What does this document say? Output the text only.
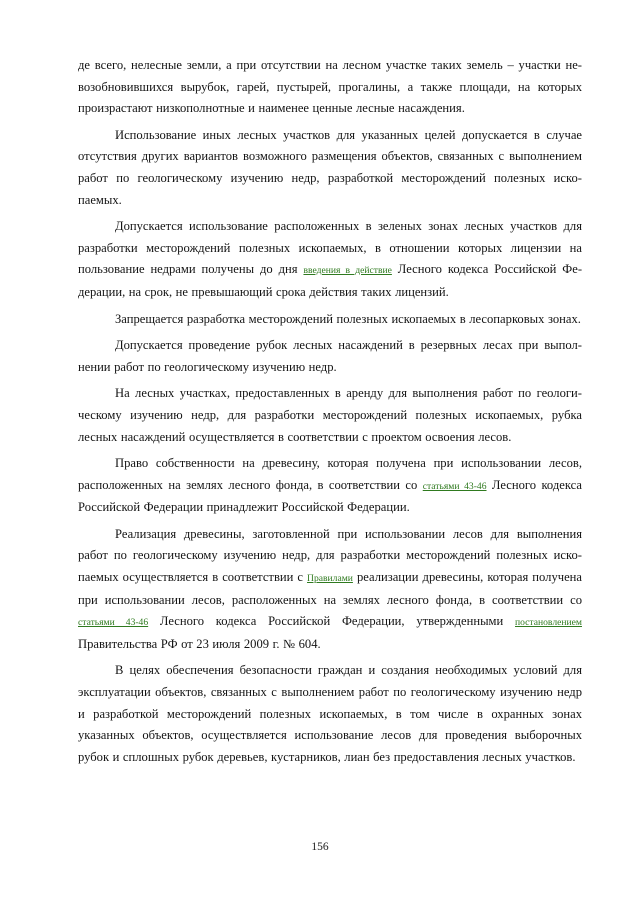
де всего, нелесные земли, а при отсутствии на лесном участке таких земель – участки невозобновившихся вырубок, гарей, пустырей, прогалины, а также площади, на которых произрастают низкополнотные и наименее ценные лесные насаждения.

Использование иных лесных участков для указанных целей допускается в случае отсутствия других вариантов возможного размещения объектов, связанных с выполнением работ по геологическому изучению недр, разработкой месторождений полезных ископаемых.

Допускается использование расположенных в зеленых зонах лесных участков для разработки месторождений полезных ископаемых, в отношении которых лицензии на пользование недрами получены до дня введения в действие Лесного кодекса Российской Федерации, на срок, не превышающий срока действия таких лицензий.

Запрещается разработка месторождений полезных ископаемых в лесопарковых зонах.

Допускается проведение рубок лесных насаждений в резервных лесах при выполнении работ по геологическому изучению недр.

На лесных участках, предоставленных в аренду для выполнения работ по геологическому изучению недр, для разработки месторождений полезных ископаемых, рубка лесных насаждений осуществляется в соответствии с проектом освоения лесов.

Право собственности на древесину, которая получена при использовании лесов, расположенных на землях лесного фонда, в соответствии со статьями 43-46 Лесного кодекса Российской Федерации принадлежит Российской Федерации.

Реализация древесины, заготовленной при использовании лесов для выполнения работ по геологическому изучению недр, для разработки месторождений полезных ископаемых осуществляется в соответствии с Правилами реализации древесины, которая получена при использовании лесов, расположенных на землях лесного фонда, в соответствии со статьями 43-46 Лесного кодекса Российской Федерации, утвержденными постановлением Правительства РФ от 23 июля 2009 г. № 604.

В целях обеспечения безопасности граждан и создания необходимых условий для эксплуатации объектов, связанных с выполнением работ по геологическому изучению недр и разработкой месторождений полезных ископаемых, в том числе в охранных зонах указанных объектов, осуществляется использование лесов для проведения выборочных рубок и сплошных рубок деревьев, кустарников, лиан без предоставления лесных участков.

156
